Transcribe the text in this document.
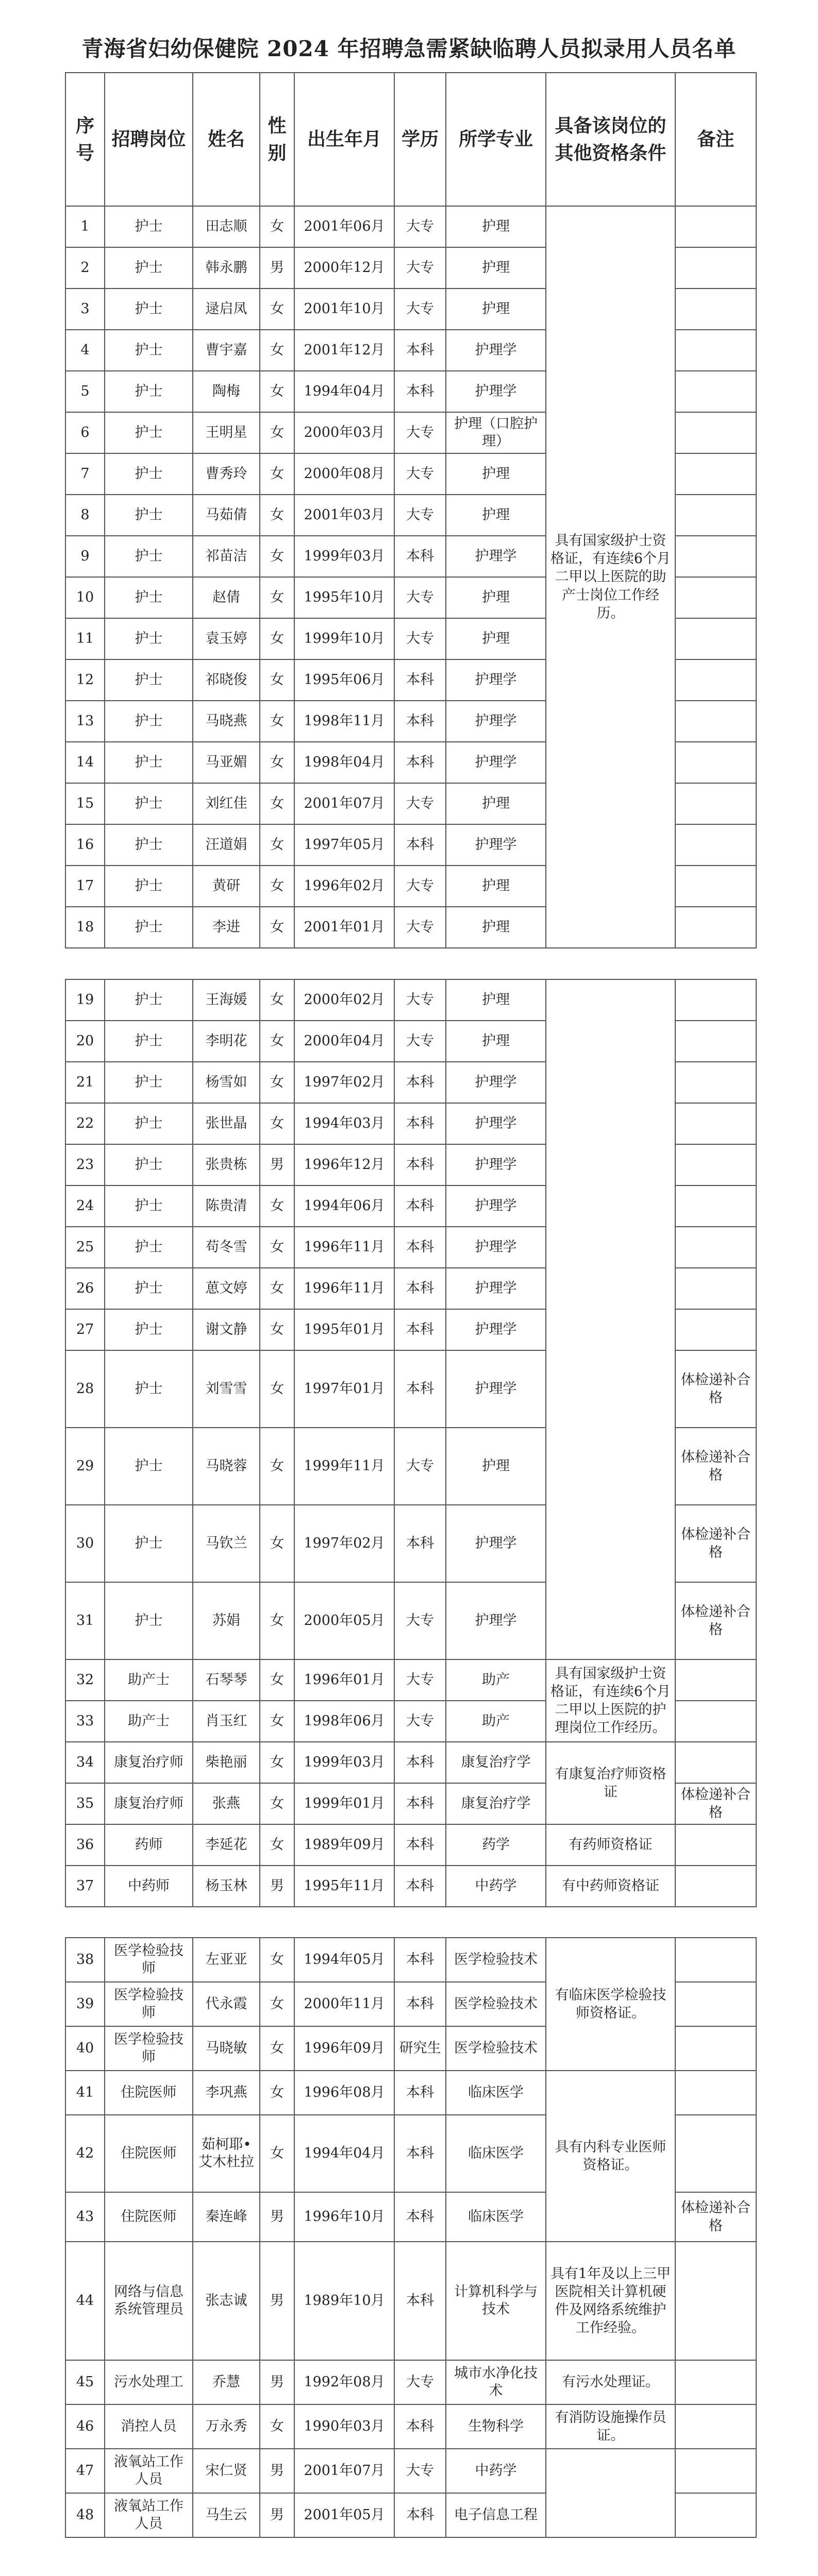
青海省妇幼保健院 2024 年招聘急需紧缺临聘人员拟录用人员名单
序号	招聘岗位	姓名	性别	出生年月	学历	所学专业	具备该岗位的其他资格条件	备注
1	护士	田志顺	女	2001年06月	大专	护理	具有国家级护士资格证，有连续6个月二甲以上医院的助产士岗位工作经历。	
2	护士	韩永鹏	男	2000年12月	大专	护理		
3	护士	逯启凤	女	2001年10月	大专	护理		
4	护士	曹宇嘉	女	2001年12月	本科	护理学		
5	护士	陶梅	女	1994年04月	本科	护理学		
6	护士	王明星	女	2000年03月	大专	护理（口腔护理）		
7	护士	曹秀玲	女	2000年08月	大专	护理		
8	护士	马茹倩	女	2001年03月	大专	护理		
9	护士	祁苗洁	女	1999年03月	本科	护理学		
10	护士	赵倩	女	1995年10月	大专	护理		
11	护士	袁玉婷	女	1999年10月	大专	护理		
12	护士	祁晓俊	女	1995年06月	本科	护理学		
13	护士	马晓燕	女	1998年11月	本科	护理学		
14	护士	马亚媚	女	1998年04月	本科	护理学		
15	护士	刘红佳	女	2001年07月	大专	护理		
16	护士	汪道娟	女	1997年05月	本科	护理学		
17	护士	黄研	女	1996年02月	大专	护理		
18	护士	李进	女	2001年01月	大专	护理		
19	护士	王海媛	女	2000年02月	大专	护理		
20	护士	李明花	女	2000年04月	大专	护理		
21	护士	杨雪如	女	1997年02月	本科	护理学		
22	护士	张世晶	女	1994年03月	本科	护理学		
23	护士	张贵栋	男	1996年12月	本科	护理学		
24	护士	陈贵清	女	1994年06月	本科	护理学		
25	护士	苟冬雪	女	1996年11月	本科	护理学		
26	护士	葸文婷	女	1996年11月	本科	护理学		
27	护士	谢文静	女	1995年01月	本科	护理学		
28	护士	刘雪雪	女	1997年01月	本科	护理学		体检递补合格
29	护士	马晓蓉	女	1999年11月	大专	护理		体检递补合格
30	护士	马钦兰	女	1997年02月	本科	护理学		体检递补合格
31	护士	苏娟	女	2000年05月	大专	护理学		体检递补合格
32	助产士	石琴琴	女	1996年01月	大专	助产	具有国家级护士资格证，有连续6个月二甲以上医院的护理岗位工作经历。	
33	助产士	肖玉红	女	1998年06月	大专	助产		
34	康复治疗师	柴艳丽	女	1999年03月	本科	康复治疗学	有康复治疗师资格证	
35	康复治疗师	张燕	女	1999年01月	本科	康复治疗学		体检递补合格
36	药师	李延花	女	1989年09月	本科	药学	有药师资格证	
37	中药师	杨玉林	男	1995年11月	本科	中药学	有中药师资格证	
38	医学检验技师	左亚亚	女	1994年05月	本科	医学检验技术	有临床医学检验技师资格证。	
39	医学检验技师	代永霞	女	2000年11月	本科	医学检验技术		
40	医学检验技师	马晓敏	女	1996年09月	研究生	医学检验技术		
41	住院医师	李巩燕	女	1996年08月	本科	临床医学	具有内科专业医师资格证。	
42	住院医师	茹柯耶•艾木杜拉	女	1994年04月	本科	临床医学		
43	住院医师	秦连峰	男	1996年10月	本科	临床医学		体检递补合格
44	网络与信息系统管理员	张志诚	男	1989年10月	本科	计算机科学与技术	具有1年及以上三甲医院相关计算机硬件及网络系统维护工作经验。	
45	污水处理工	乔慧	男	1992年08月	大专	城市水净化技术	有污水处理证。	
46	消控人员	万永秀	女	1990年03月	本科	生物科学	有消防设施操作员证。	
47	液氧站工作人员	宋仁贤	男	2001年07月	大专	中药学		
48	液氧站工作人员	马生云	男	2001年05月	本科	电子信息工程		
